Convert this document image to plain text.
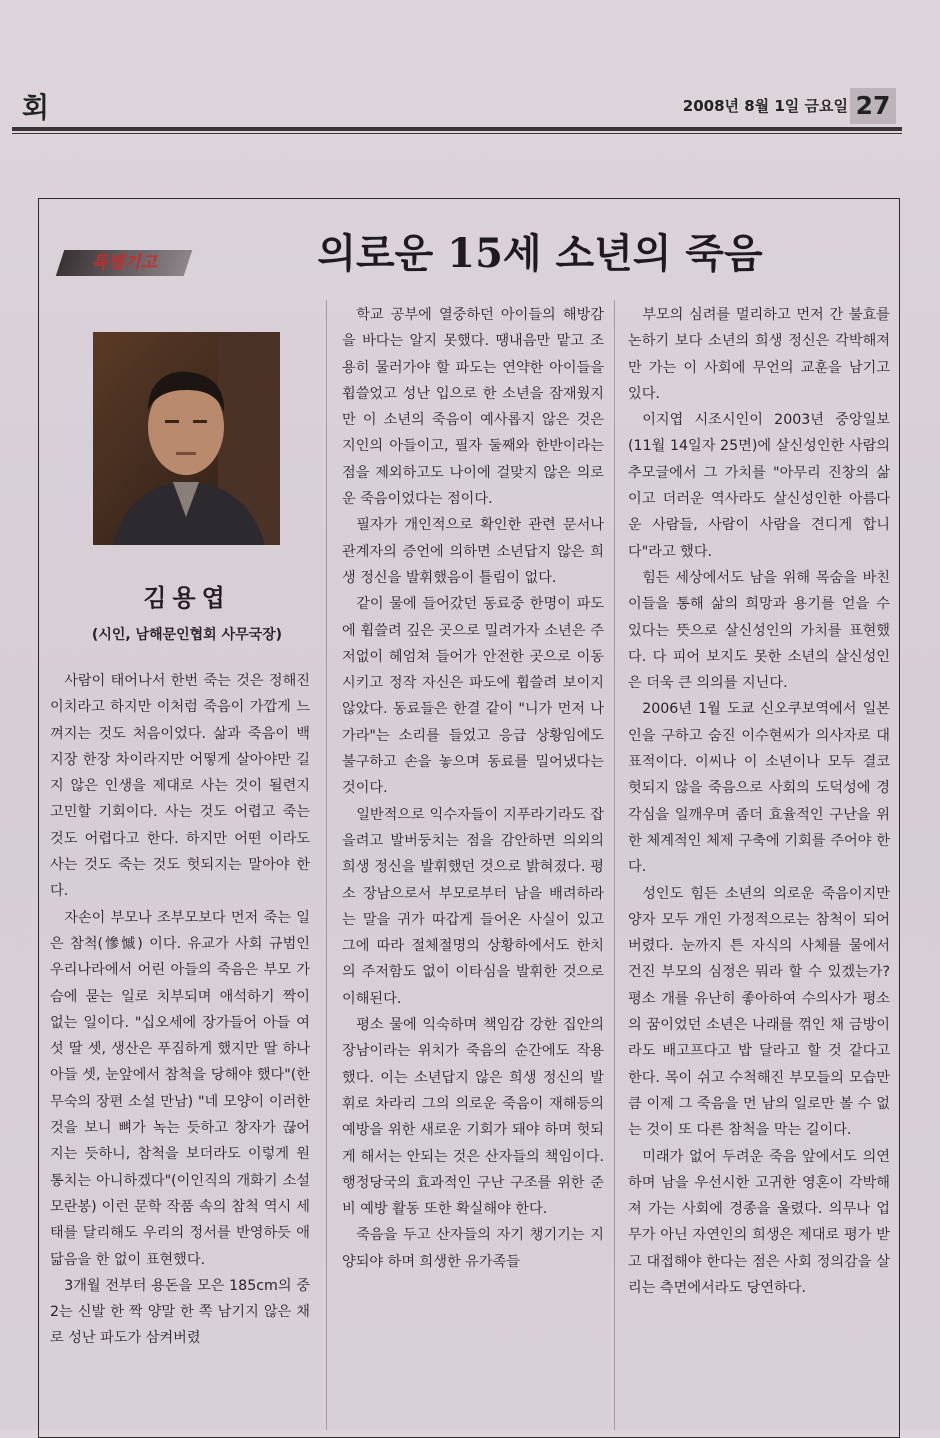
회	2008년 8월 1일 금요일 27
특별기고	의로운 15세 소년의 죽음
김용엽
(시인, 남해문인협회 사무국장)

사람이 태어나서 한번 죽는 것은 정해진 이치라고 하지만 이처럼 죽음이 가깝게 느껴지는 것도 처음이었다. 삶과 죽음이 백지장 한장 차이라지만 어떻게 살아야만 길지 않은 인생을 제대로 사는 것이 될련지 고민할 기회이다. 사는 것도 어렵고 죽는 것도 어렵다고 한다. 하지만 어떤 이라도 사는 것도 죽는 것도 헛되지는 말아야 한다.

자손이 부모나 조부모보다 먼저 죽는 일은 참척(慘慽) 이다. 유교가 사회 규범인 우리나라에서 어린 아들의 죽음은 부모 가슴에 묻는 일로 치부되며 애석하기 짝이 없는 일이다. "십오세에 장가들어 아들 여섯 딸 셋, 생산은 푸짐하게 했지만 딸 하나 아들 셋, 눈앞에서 참척을 당해야 했다"(한무숙의 장편 소설 만남) "네 모양이 이러한 것을 보니 뼈가 녹는 듯하고 창자가 끊어지는 듯하니, 참척을 보더라도 이렇게 원통치는 아니하겠다"(이인직의 개화기 소설 모란봉) 이런 문학 작품 속의 참척 역시 세태를 달리해도 우리의 정서를 반영하듯 애닯음을 한 없이 표현했다.

3개월 전부터 용돈을 모은 185cm의 중2는 신발 한 짝 양말 한 쪽 남기지 않은 채로 성난 파도가 삼켜버렸

학교 공부에 열중하던 아이들의 해방감을 바다는 알지 못했다. 땡내음만 맡고 조용히 물러가야 할 파도는 연약한 아이들을 휩쓸었고 성난 입으로 한 소년을 잠재웠지만 이 소년의 죽음이 예사롭지 않은 것은 지인의 아들이고, 필자 둘째와 한반이라는 점을 제외하고도 나이에 걸맞지 않은 의로운 죽음이었다는 점이다.

필자가 개인적으로 확인한 관련 문서나 관계자의 증언에 의하면 소년답지 않은 희생 정신을 발휘했음이 틀림이 없다.

같이 물에 들어갔던 동료중 한명이 파도에 휩쓸려 깊은 곳으로 밀려가자 소년은 주저없이 헤엄쳐 들어가 안전한 곳으로 이동시키고 정작 자신은 파도에 휩쓸려 보이지 않았다. 동료들은 한결 같이 "니가 먼저 나가라"는 소리를 들었고 응급 상황임에도 불구하고 손을 놓으며 동료를 밀어냈다는 것이다.

일반적으로 익수자들이 지푸라기라도 잡을려고 발버둥치는 점을 감안하면 의외의 희생 정신을 발휘했던 것으로 밝혀졌다. 평소 장남으로서 부모로부터 남을 배려하라는 말을 귀가 따갑게 들어온 사실이 있고 그에 따라 절체절명의 상황하에서도 한치의 주저함도 없이 이타심을 발휘한 것으로 이해된다.

평소 물에 익숙하며 책임감 강한 집안의 장남이라는 위치가 죽음의 순간에도 작용했다. 이는 소년답지 않은 희생 정신의 발휘로 차라리 그의 의로운 죽음이 재해등의 예방을 위한 새로운 기회가 돼야 하며 헛되게 해서는 안되는 것은 산자들의 책임이다. 행정당국의 효과적인 구난 구조를 위한 준비 예방 활동 또한 확실해야 한다.

죽음을 두고 산자들의 자기 챙기기는 지양되야 하며 희생한 유가족들

부모의 심려를 멀리하고 먼저 간 불효를 논하기 보다 소년의 희생 정신은 각박해져만 가는 이 사회에 무언의 교훈을 남기고 있다.

이지엽 시조시인이 2003년 중앙일보(11월 14일자 25면)에 살신성인한 사람의 추모글에서 그 가치를 "아무리 진창의 삶이고 더러운 역사라도 살신성인한 아름다운 사람들, 사람이 사람을 견디게 합니다"라고 했다.

힘든 세상에서도 남을 위해 목숨을 바친 이들을 통해 삶의 희망과 용기를 얻을 수 있다는 뜻으로 살신성인의 가치를 표현했다. 다 피어 보지도 못한 소년의 살신성인은 더욱 큰 의의를 지닌다.

2006년 1월 도쿄 신오쿠보역에서 일본인을 구하고 숨진 이수현씨가 의사자로 대표적이다. 이씨나 이 소년이나 모두 결코 헛되지 않을 죽음으로 사회의 도덕성에 경각심을 일깨우며 좀더 효율적인 구난을 위한 체계적인 체제 구축에 기회를 주어야 한다.

성인도 힘든 소년의 의로운 죽음이지만 양자 모두 개인 가정적으로는 참척이 되어 버렸다. 눈까지 튼 자식의 사체를 물에서 건진 부모의 심정은 뭐라 할 수 있겠는가? 평소 개를 유난히 좋아하여 수의사가 평소의 꿈이었던 소년은 나래를 꺾인 채 금방이라도 배고프다고 밥 달라고 할 것 같다고 한다. 목이 쉬고 수척해진 부모들의 모습만큼 이제 그 죽음을 먼 남의 일로만 볼 수 없는 것이 또 다른 참척을 막는 길이다.

미래가 없어 두려운 죽음 앞에서도 의연하며 남을 우선시한 고귀한 영혼이 각박해져 가는 사회에 경종을 울렸다. 의무나 업무가 아닌 자연인의 희생은 제대로 평가 받고 대접해야 한다는 점은 사회 정의감을 살리는 측면에서라도 당연하다.
